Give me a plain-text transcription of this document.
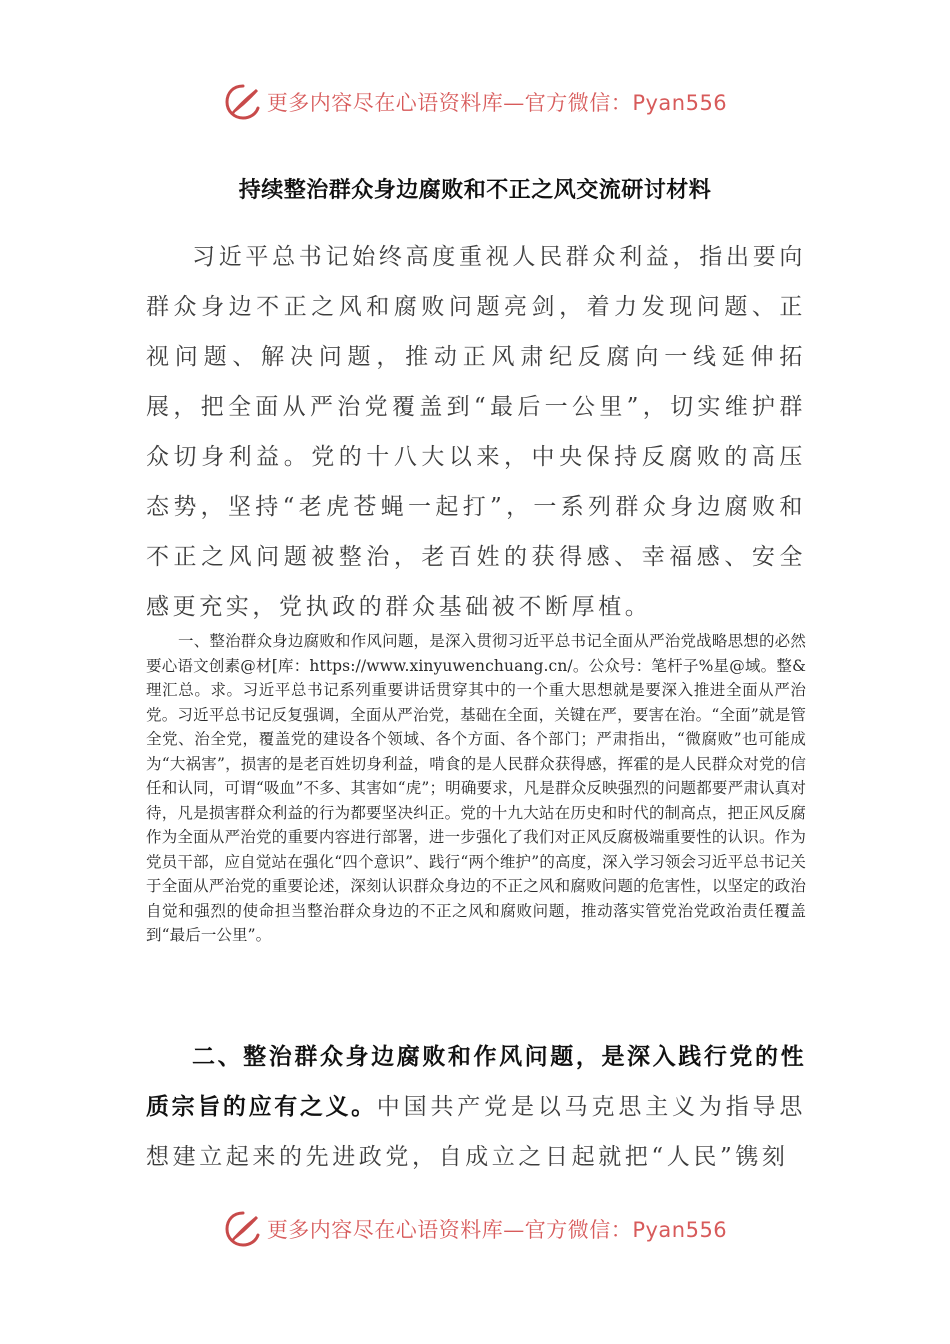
更多内容尽在心语资料库—官方微信：Pyan556
持续整治群众身边腐败和不正之风交流研讨材料

习近平总书记始终高度重视人民群众利益，指出要向群众身边不正之风和腐败问题亮剑，着力发现问题、正视问题、解决问题，推动正风肃纪反腐向一线延伸拓展，把全面从严治党覆盖到“最后一公里”，切实维护群众切身利益。党的十八大以来，中央保持反腐败的高压态势，坚持“老虎苍蝇一起打”，一系列群众身边腐败和不正之风问题被整治，老百姓的获得感、幸福感、安全感更充实，党执政的群众基础被不断厚植。

一、整治群众身边腐败和作风问题，是深入贯彻习近平总书记全面从严治党战略思想的必然要心语文创素@材[库：https://www.xinyuwenchuang.cn/。公众号：笔杆子%星@域。整&理汇总。求。习近平总书记系列重要讲话贯穿其中的一个重大思想就是要深入推进全面从严治党。习近平总书记反复强调，全面从严治党，基础在全面，关键在严，要害在治。“全面”就是管全党、治全党，覆盖党的建设各个领域、各个方面、各个部门；严肃指出，“微腐败”也可能成为“大祸害”，损害的是老百姓切身利益，啃食的是人民群众获得感，挥霍的是人民群众对党的信任和认同，可谓“吸血”不多、其害如“虎”；明确要求，凡是群众反映强烈的问题都要严肃认真对待，凡是损害群众利益的行为都要坚决纠正。党的十九大站在历史和时代的制高点，把正风反腐作为全面从严治党的重要内容进行部署，进一步强化了我们对正风反腐极端重要性的认识。作为党员干部，应自觉站在强化“四个意识”、践行“两个维护”的高度，深入学习领会习近平总书记关于全面从严治党的重要论述，深刻认识群众身边的不正之风和腐败问题的危害性，以坚定的政治自觉和强烈的使命担当整治群众身边的不正之风和腐败问题，推动落实管党治党政治责任覆盖到“最后一公里”。

二、整治群众身边腐败和作风问题，是深入践行党的性质宗旨的应有之义。中国共产党是以马克思主义为指导思想建立起来的先进政党，自成立之日起就把“人民”镌刻

更多内容尽在心语资料库—官方微信：Pyan556
